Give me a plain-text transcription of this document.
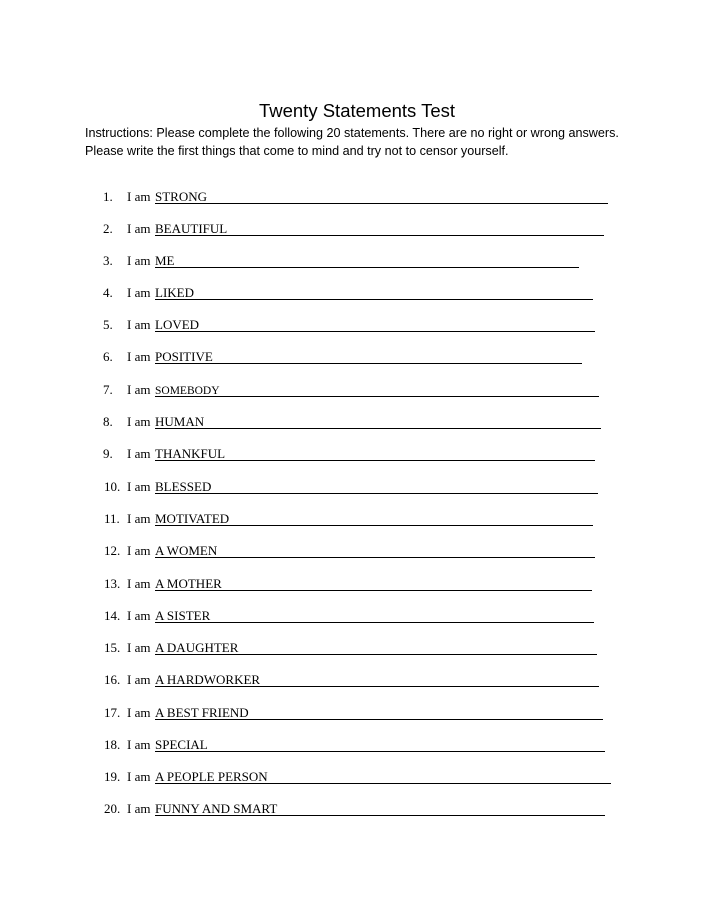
Twenty Statements Test
Instructions: Please complete the following 20 statements. There are no right or wrong answers.
Please write the first things that come to mind and try not to censor yourself.
1.	I am STRONG
2.	I am BEAUTIFUL
3.	I am ME
4.	I am LIKED
5.	I am LOVED
6.	I am POSITIVE
7.	I am SOMEBODY
8.	I am HUMAN
9.	I am THANKFUL
10. I am BLESSED
11. I am MOTIVATED
12. I am A WOMEN
13. I am A MOTHER
14. I am A SISTER
15. I am A DAUGHTER
16. I am A HARDWORKER
17. I am A BEST FRIEND
18. I am SPECIAL
19. I am A PEOPLE PERSON
20. I am FUNNY AND SMART
